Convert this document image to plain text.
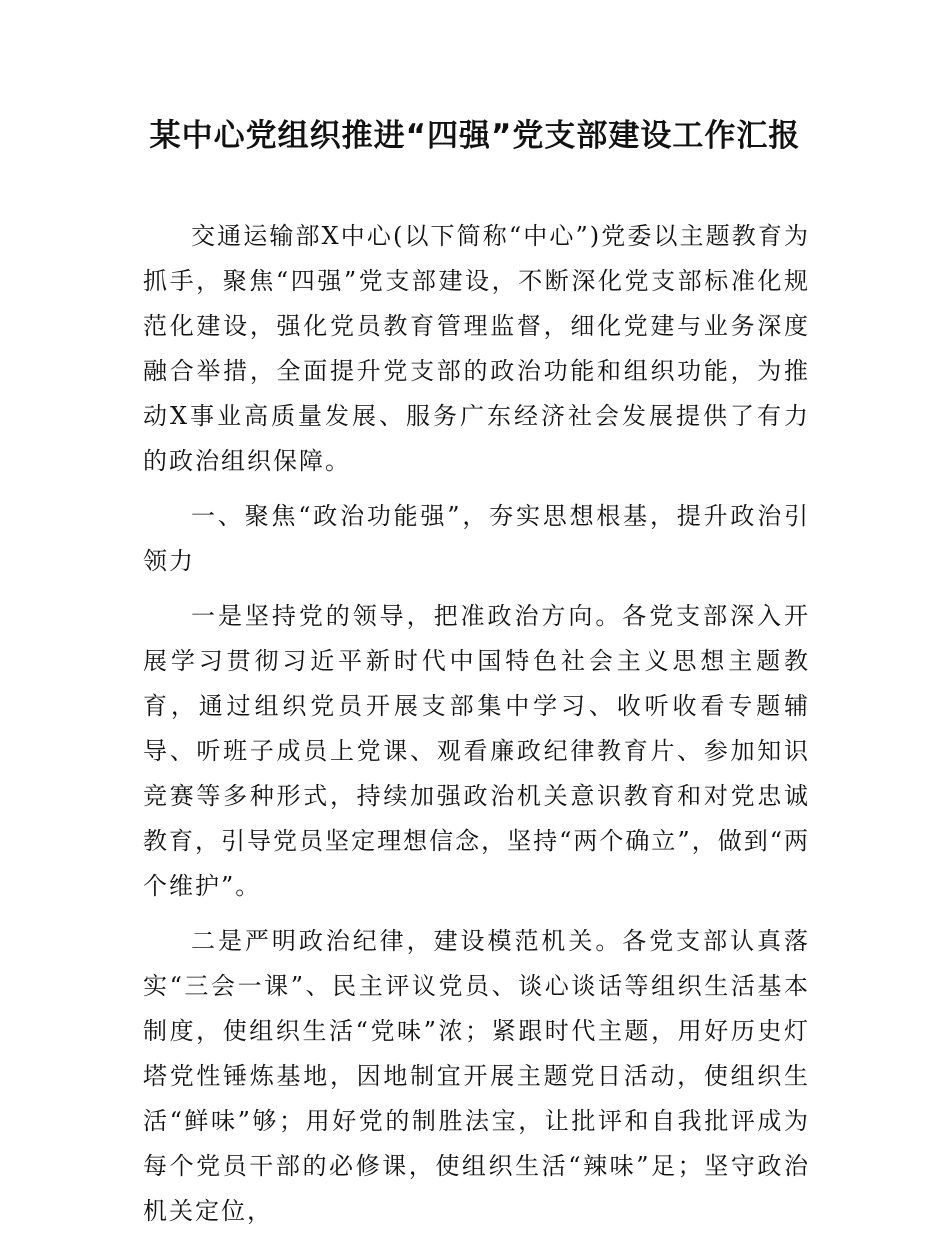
某中心党组织推进“四强”党支部建设工作汇报

交通运输部X中心(以下简称“中心”)党委以主题教育为抓手，聚焦“四强”党支部建设，不断深化党支部标准化规范化建设，强化党员教育管理监督，细化党建与业务深度融合举措，全面提升党支部的政治功能和组织功能，为推动X事业高质量发展、服务广东经济社会发展提供了有力的政治组织保障。

一、聚焦“政治功能强”，夯实思想根基，提升政治引领力

一是坚持党的领导，把准政治方向。各党支部深入开展学习贯彻习近平新时代中国特色社会主义思想主题教育，通过组织党员开展支部集中学习、收听收看专题辅导、听班子成员上党课、观看廉政纪律教育片、参加知识竞赛等多种形式，持续加强政治机关意识教育和对党忠诚教育，引导党员坚定理想信念，坚持“两个确立”，做到“两个维护”。

二是严明政治纪律，建设模范机关。各党支部认真落实“三会一课”、民主评议党员、谈心谈话等组织生活基本制度，使组织生活“党味”浓；紧跟时代主题，用好历史灯塔党性锤炼基地，因地制宜开展主题党日活动，使组织生活“鲜味”够；用好党的制胜法宝，让批评和自我批评成为每个党员干部的必修课，使组织生活“辣味”足；坚守政治机关定位，
